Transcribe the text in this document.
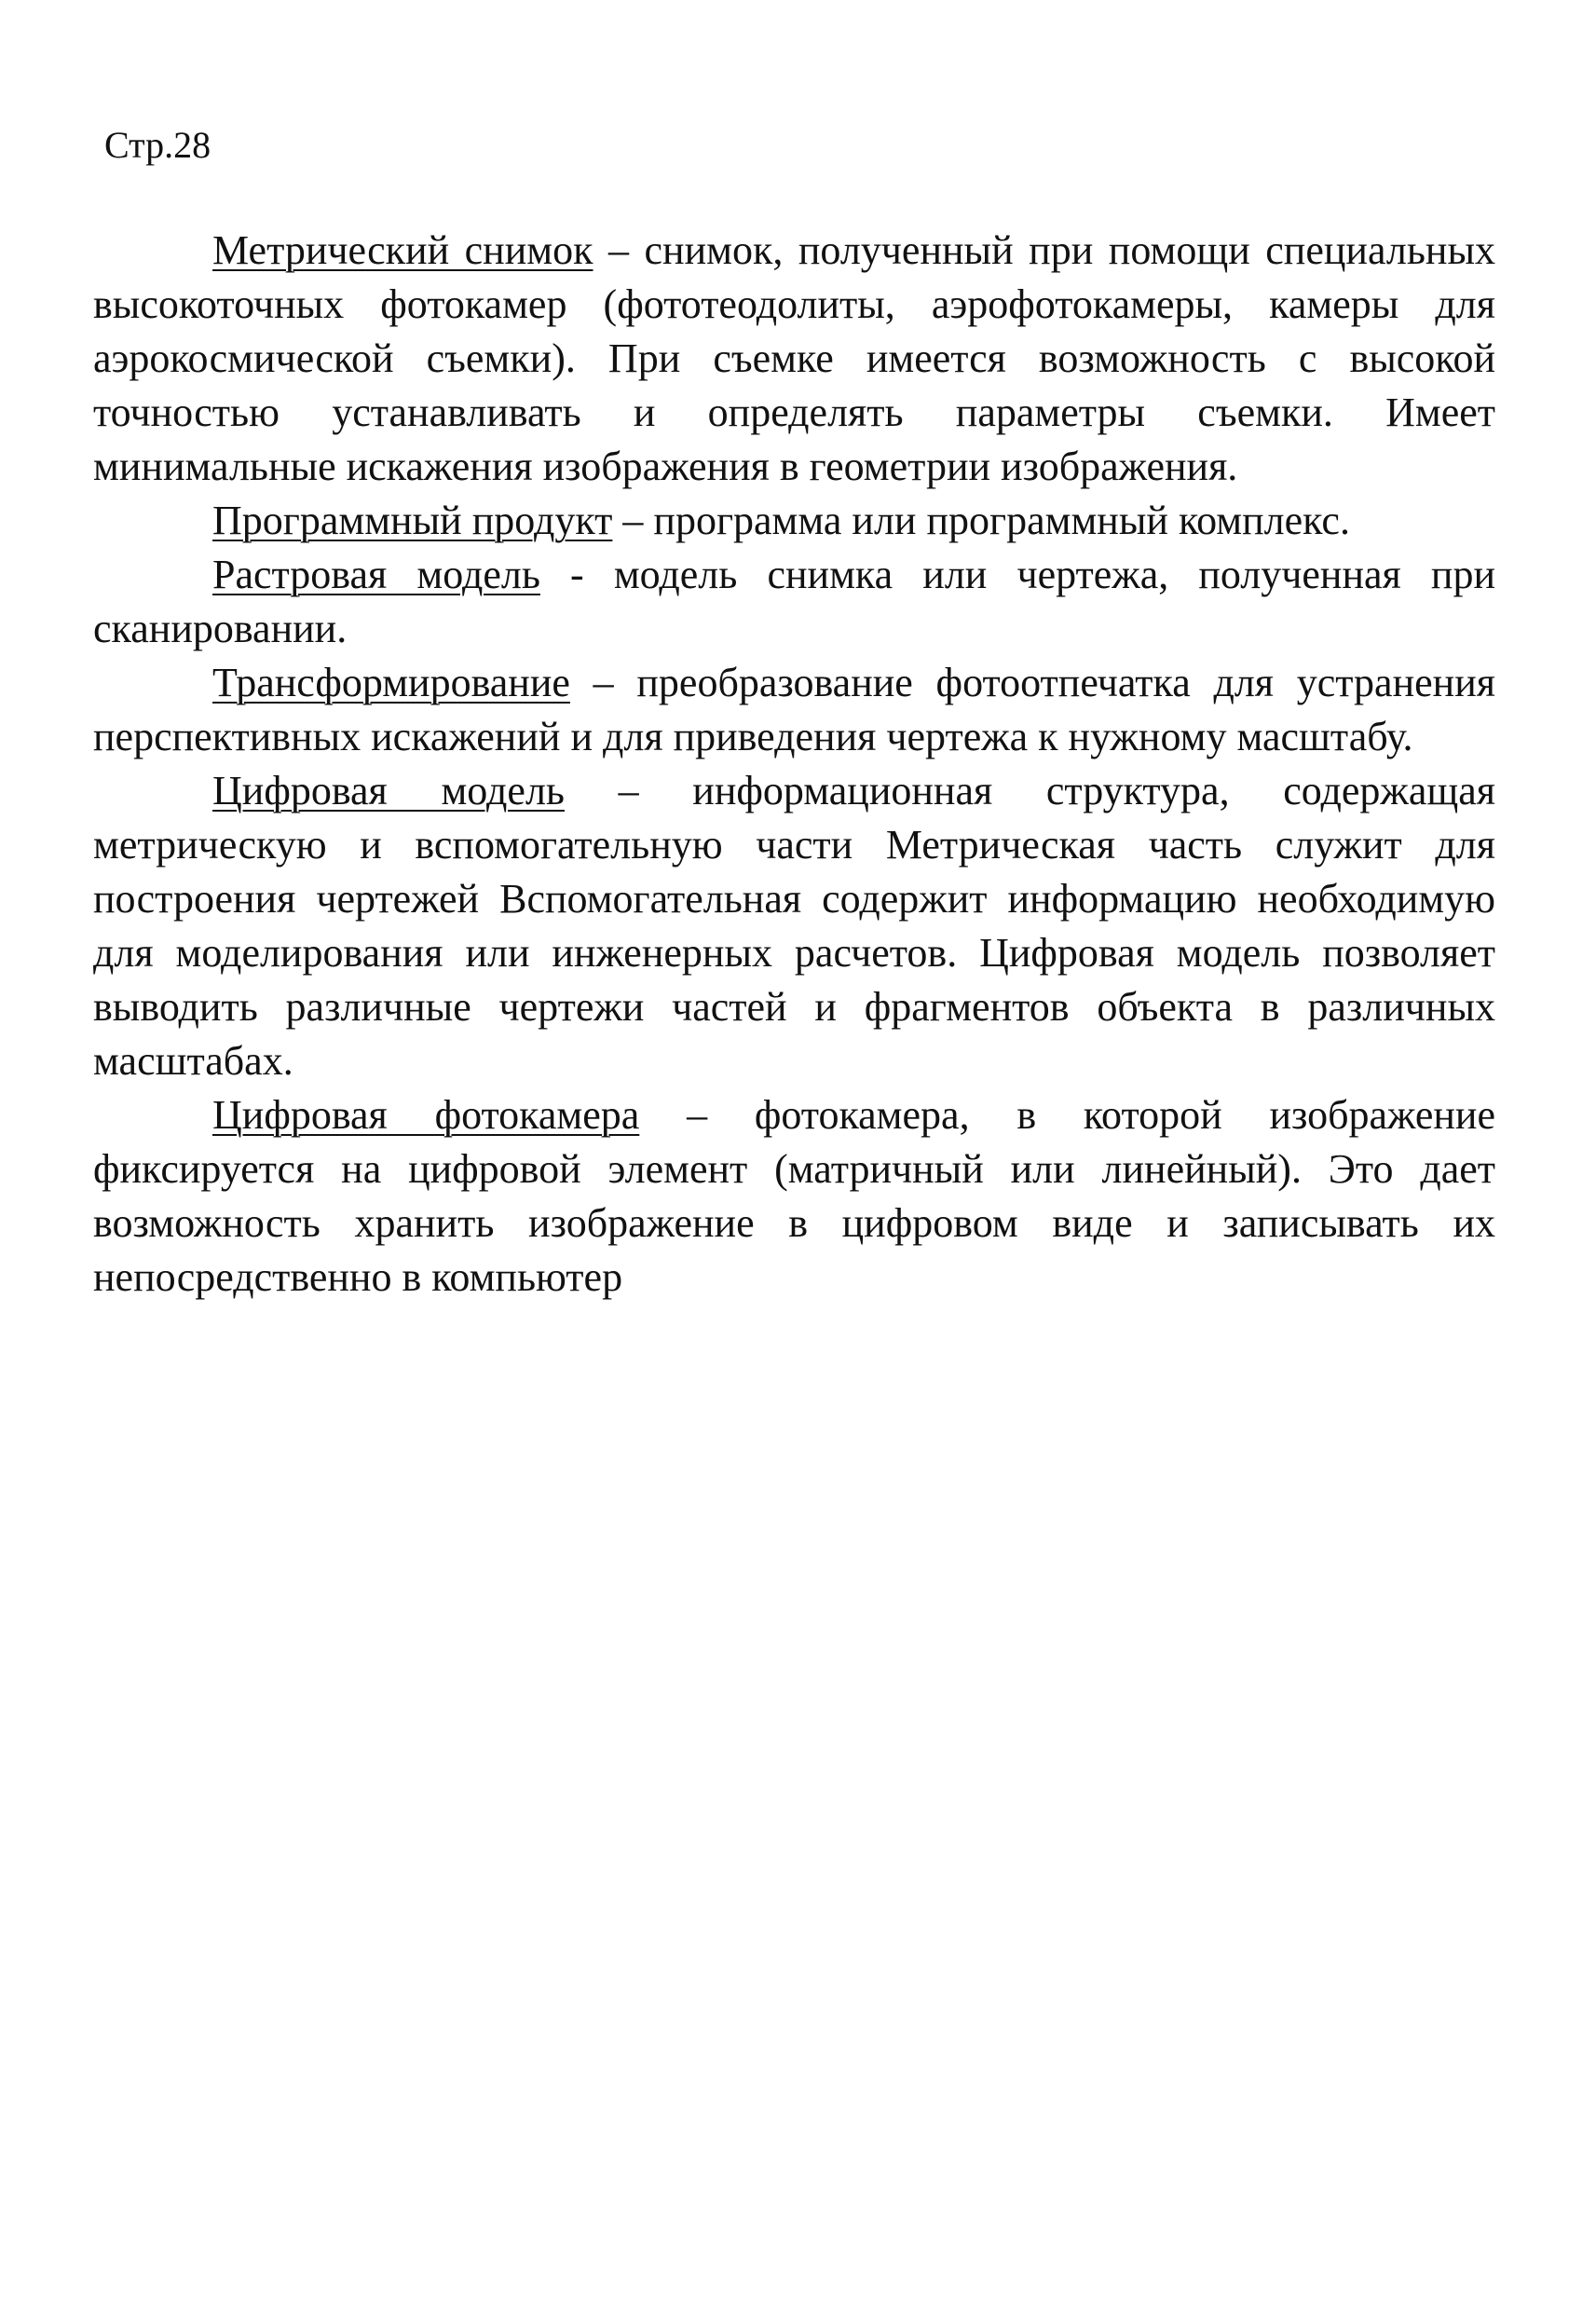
Стр.28

Метрический снимок – снимок, полученный при помощи специальных высокоточных фотокамер (фототеодолиты, аэрофотокамеры, камеры для аэрокосмической съемки). При съемке имеется возможность с высокой точностью устанавливать и определять параметры съемки. Имеет минимальные искажения изображения в геометрии изображения.

Программный продукт – программа или программный комплекс.

Растровая модель - модель снимка или чертежа, полученная при сканировании.

Трансформирование – преобразование фотоотпечатка для устранения перспективных искажений и для приведения чертежа к нужному масштабу.

Цифровая модель – информационная структура, содержащая метрическую и вспомогательную части Метрическая часть служит для построения чертежей Вспомогательная содержит информацию необходимую для моделирования или инженерных расчетов. Цифровая модель позволяет выводить различные чертежи частей и фрагментов объекта в различных масштабах.

Цифровая фотокамера – фотокамера, в которой изображение фиксируется на цифровой элемент (матричный или линейный). Это дает возможность хранить изображение в цифровом виде и записывать их непосредственно в компьютер
